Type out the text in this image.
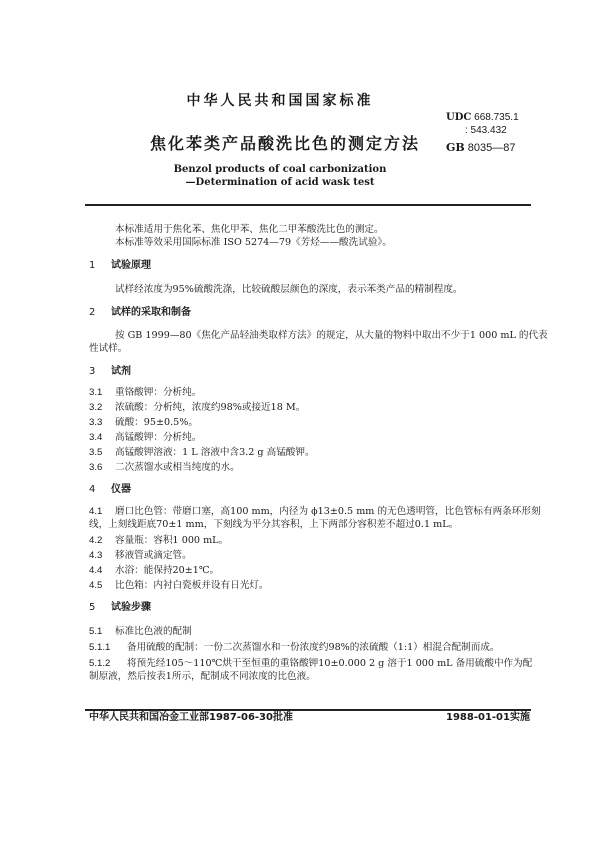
中华人民共和国国家标准
UDC 668.735.1
: 543.432
焦化苯类产品酸洗比色的测定方法 GB 8035—87
Benzol products of coal carbonization
—Determination of acid wask test
本标准适用于焦化苯、焦化甲苯、焦化二甲苯酸洗比色的测定。
本标准等效采用国际标准 ISO 5274—79《芳烃——酸洗试验》。
1 试验原理
试样经浓度为95%硫酸洗涤，比较硫酸层颜色的深度，表示苯类产品的精制程度。
2 试样的采取和制备
按 GB 1999—80《焦化产品轻油类取样方法》的规定，从大量的物料中取出不少于1 000 mL 的代表
性试样。
3 试剂
3.1 重铬酸钾：分析纯。
3.2 浓硫酸：分析纯，浓度约98%或接近18 M。
3.3 硫酸：95±0.5%。
3.4 高锰酸钾：分析纯。
3.5 高锰酸钾溶液：1 L 溶液中含3.2 g 高锰酸钾。
3.6 二次蒸馏水或相当纯度的水。
4 仪器
4.1 磨口比色管：带磨口塞，高100 mm，内径为 ϕ13±0.5 mm 的无色透明管，比色管标有两条环形刻
线，上刻线距底70±1 mm，下刻线为平分其容积，上下两部分容积差不超过0.1 mL。
4.2 容量瓶：容积1 000 mL。
4.3 移液管或滴定管。
4.4 水浴：能保持20±1℃。
4.5 比色箱：内衬白瓷板并设有日光灯。
5 试验步骤
5.1 标准比色液的配制
5.1.1 备用硫酸的配制：一份二次蒸馏水和一份浓度约98%的浓硫酸（1:1）相混合配制而成。
5.1.2 将预先经105～110℃烘干至恒重的重铬酸钾10±0.000 2 g 溶于1 000 mL 备用硫酸中作为配
制原液，然后按表1所示，配制成不同浓度的比色液。
中华人民共和国冶金工业部1987-06-30批准	1988-01-01实施
